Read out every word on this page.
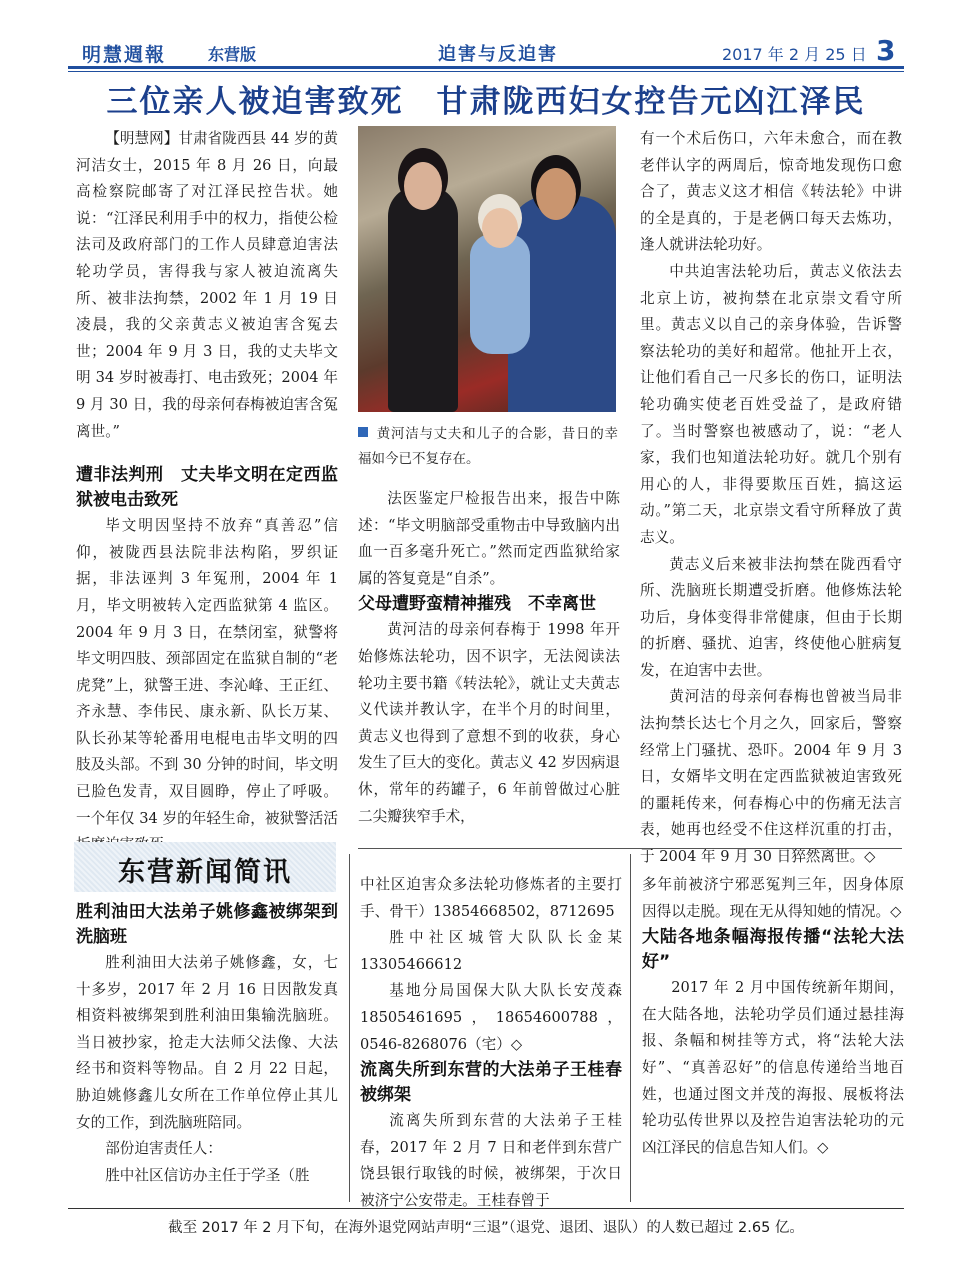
明慧週報	东营版	迫害与反迫害	2017 年 2 月 25 日 3
三位亲人被迫害致死　甘肃陇西妇女控告元凶江泽民

【明慧网】甘肃省陇西县 44 岁的黄河洁女士，2015 年 8 月 26 日，向最高检察院邮寄了对江泽民控告状。她说：“江泽民利用手中的权力，指使公检法司及政府部门的工作人员肆意迫害法轮功学员，害得我与家人被迫流离失所、被非法拘禁，2002 年 1 月 19 日凌晨，我的父亲黄志义被迫害含冤去世；2004 年 9 月 3 日，我的丈夫毕文明 34 岁时被毒打、电击致死；2004 年 9 月 30 日，我的母亲何春梅被迫害含冤离世。”

遭非法判刑　丈夫毕文明在定西监狱被电击致死

毕文明因坚持不放弃“真善忍”信仰，被陇西县法院非法构陷，罗织证据，非法诬判 3 年冤刑，2004 年 1 月，毕文明被转入定西监狱第 4 监区。2004 年 9 月 3 日，在禁闭室，狱警将毕文明四肢、颈部固定在监狱自制的“老虎凳”上，狱警王进、李沁峰、王正红、齐永慧、李伟民、康永新、队长万某、队长孙某等轮番用电棍电击毕文明的四肢及头部。不到 30 分钟的时间，毕文明已脸色发青，双目圆睁，停止了呼吸。一个年仅 34 岁的年轻生命，被狱警活活

黄河洁与丈夫和儿子的合影，昔日的幸福如今已不复存在。

法医鉴定尸检报告出来，报告中陈述：“毕文明脑部受重物击中导致脑内出血一百多毫升死亡。”然而定西监狱给家属的答复竟是“自杀”。

父母遭野蛮精神摧残　不幸离世

黄河洁的母亲何春梅于 1998 年开始修炼法轮功，因不识字，无法阅读法轮功主要书籍《转法轮》，就让丈夫黄志义代读并教认字，在半个月的时间里，黄志义也得到了意想不到的收获，身心发生了巨大的变化。黄志义 42 岁因病退休，常年的药罐子，6 年前曾做过心脏二尖瓣狭窄手术，

有一个术后伤口，六年未愈合，而在教老伴认字的两周后，惊奇地发现伤口愈合了，黄志义这才相信《转法轮》中讲的全是真的，于是老俩口每天去炼功，逢人就讲法轮功好。

中共迫害法轮功后，黄志义依法去北京上访，被拘禁在北京崇文看守所里。黄志义以自己的亲身体验，告诉警察法轮功的美好和超常。他扯开上衣，让他们看自己一尺多长的伤口，证明法轮功确实使老百姓受益了，是政府错了。当时警察也被感动了，说：“老人家，我们也知道法轮功好。就几个别有用心的人，非得要欺压百姓，搞这运动。”第二天，北京崇文看守所释放了黄志义。

黄志义后来被非法拘禁在陇西看守所、洗脑班长期遭受折磨。他修炼法轮功后，身体变得非常健康，但由于长期的折磨、骚扰、迫害，终使他心脏病复发，在迫害中去世。

黄河洁的母亲何春梅也曾被当局非法拘禁长达七个月之久，回家后，警察经常上门骚扰、恐吓。2004 年 9 月 3 日，女婿毕文明在定西监狱被迫害致死的噩耗传来，何春梅心中的伤痛无法言表，她再也经受不住这样沉重的打击，于 2004 年 9 月 30 日猝然离世。◇

东营新闻简讯

胜利油田大法弟子姚修鑫被绑架到洗脑班

胜利油田大法弟子姚修鑫，女，七十多岁，2017 年 2 月 16 日因散发真相资料被绑架到胜利油田集输洗脑班。当日被抄家，抢走大法师父法像、大法经书和资料等物品。自 2 月 22 日起，胁迫姚修鑫儿女所在工作单位停止其儿女的工作，到洗脑班陪同。

部份迫害责任人：

胜中社区信访办主任于学圣（胜

中社区迫害众多法轮功修炼者的主要打手、骨干）13854668502，8712695

胜中社区城管大队队长金某13305466612

基地分局国保大队大队长安茂森 18505461695，18654600788，0546-8268076（宅）◇

流离失所到东营的大法弟子王桂春被绑架

流离失所到东营的大法弟子王桂春，2017 年 2 月 7 日和老伴到东营广饶县银行取钱的时候，被绑架，于次日被济宁公安带走。王桂春曾于

多年前被济宁邪恶冤判三年，因身体原因得以走脱。现在无从得知她的情况。◇

大陆各地条幅海报传播“法轮大法好”

2017 年 2 月中国传统新年期间，在大陆各地，法轮功学员们通过悬挂海报、条幅和树挂等方式，将“法轮大法好”、“真善忍好”的信息传递给当地百姓，也通过图文并茂的海报、展板将法轮功弘传世界以及控告迫害法轮功的元凶江泽民的信息告知人们。◇

截至 2017 年 2 月下旬，在海外退党网站声明“三退”（退党、退团、退队）的人数已超过 2.65 亿。
